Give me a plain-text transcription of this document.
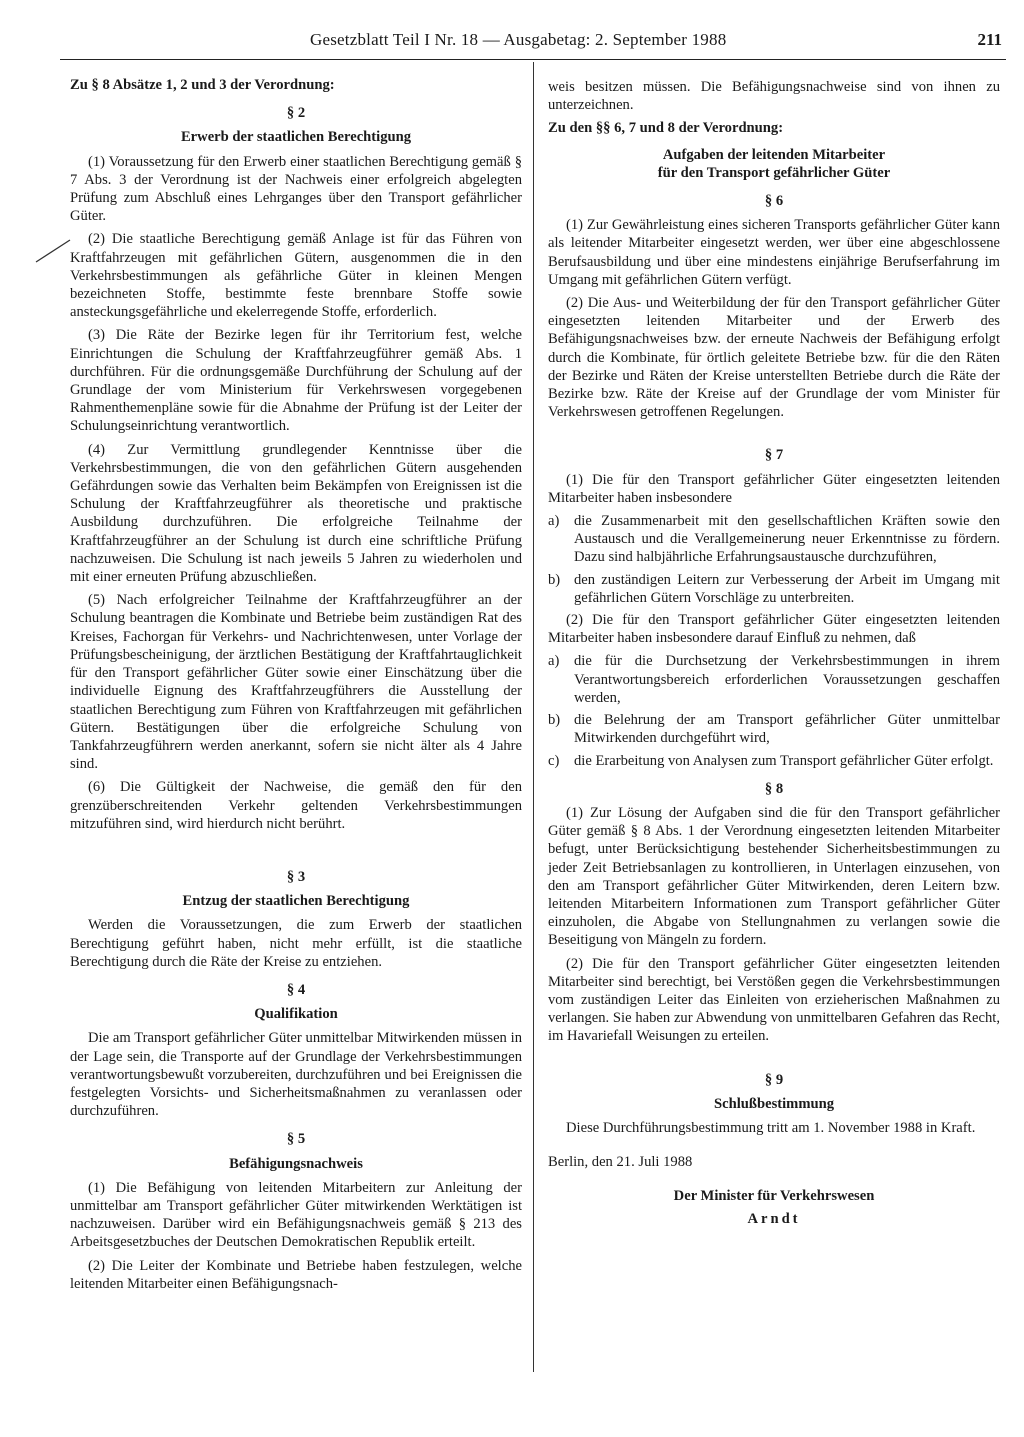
Gesetzblatt Teil I Nr. 18 — Ausgabetag: 2. September 1988	211

Zu § 8 Absätze 1, 2 und 3 der Verordnung:

§ 2

Erwerb der staatlichen Berechtigung

(1) Voraussetzung für den Erwerb einer staatlichen Berechtigung gemäß § 7 Abs. 3 der Verordnung ist der Nachweis einer erfolgreich abgelegten Prüfung zum Abschluß eines Lehrganges über den Transport gefährlicher Güter.

(2) Die staatliche Berechtigung gemäß Anlage ist für das Führen von Kraftfahrzeugen mit gefährlichen Gütern, ausgenommen die in den Verkehrsbestimmungen als gefährliche Güter in kleinen Mengen bezeichneten Stoffe, bestimmte feste brennbare Stoffe sowie ansteckungsgefährliche und ekelerregende Stoffe, erforderlich.

(3) Die Räte der Bezirke legen für ihr Territorium fest, welche Einrichtungen die Schulung der Kraftfahrzeugführer gemäß Abs. 1 durchführen. Für die ordnungsgemäße Durchführung der Schulung auf der Grundlage der vom Ministerium für Verkehrswesen vorgegebenen Rahmenthemenpläne sowie für die Abnahme der Prüfung ist der Leiter der Schulungseinrichtung verantwortlich.

(4) Zur Vermittlung grundlegender Kenntnisse über die Verkehrsbestimmungen, die von den gefährlichen Gütern ausgehenden Gefährdungen sowie das Verhalten beim Bekämpfen von Ereignissen ist die Schulung der Kraftfahrzeugführer als theoretische und praktische Ausbildung durchzuführen. Die erfolgreiche Teilnahme der Kraftfahrzeugführer an der Schulung ist durch eine schriftliche Prüfung nachzuweisen. Die Schulung ist nach jeweils 5 Jahren zu wiederholen und mit einer erneuten Prüfung abzuschließen.

(5) Nach erfolgreicher Teilnahme der Kraftfahrzeugführer an der Schulung beantragen die Kombinate und Betriebe beim zuständigen Rat des Kreises, Fachorgan für Verkehrs- und Nachrichtenwesen, unter Vorlage der Prüfungsbescheinigung, der ärztlichen Bestätigung der Kraftfahrtauglichkeit für den Transport gefährlicher Güter sowie einer Einschätzung über die individuelle Eignung des Kraftfahrzeugführers die Ausstellung der staatlichen Berechtigung zum Führen von Kraftfahrzeugen mit gefährlichen Gütern. Bestätigungen über die erfolgreiche Schulung von Tankfahrzeugführern werden anerkannt, sofern sie nicht älter als 4 Jahre sind.

(6) Die Gültigkeit der Nachweise, die gemäß den für den grenzüberschreitenden Verkehr geltenden Verkehrsbestimmungen mitzuführen sind, wird hierdurch nicht berührt.

§ 3

Entzug der staatlichen Berechtigung

Werden die Voraussetzungen, die zum Erwerb der staatlichen Berechtigung geführt haben, nicht mehr erfüllt, ist die staatliche Berechtigung durch die Räte der Kreise zu entziehen.

§ 4

Qualifikation

Die am Transport gefährlicher Güter unmittelbar Mitwirkenden müssen in der Lage sein, die Transporte auf der Grundlage der Verkehrsbestimmungen verantwortungsbewußt vorzubereiten, durchzuführen und bei Ereignissen die festgelegten Vorsichts- und Sicherheitsmaßnahmen zu veranlassen oder durchzuführen.

§ 5

Befähigungsnachweis

(1) Die Befähigung von leitenden Mitarbeitern zur Anleitung der unmittelbar am Transport gefährlicher Güter mitwirkenden Werktätigen ist nachzuweisen. Darüber wird ein Befähigungsnachweis gemäß § 213 des Arbeitsgesetzbuches der Deutschen Demokratischen Republik erteilt.

(2) Die Leiter der Kombinate und Betriebe haben festzulegen, welche leitenden Mitarbeiter einen Befähigungsnach-

weis besitzen müssen. Die Befähigungsnachweise sind von ihnen zu unterzeichnen.

Zu den §§ 6, 7 und 8 der Verordnung:

Aufgaben der leitenden Mitarbeiter

für den Transport gefährlicher Güter

§ 6

(1) Zur Gewährleistung eines sicheren Transports gefährlicher Güter kann als leitender Mitarbeiter eingesetzt werden, wer über eine abgeschlossene Berufsausbildung und über eine mindestens einjährige Berufserfahrung im Umgang mit gefährlichen Gütern verfügt.

(2) Die Aus- und Weiterbildung der für den Transport gefährlicher Güter eingesetzten leitenden Mitarbeiter und der Erwerb des Befähigungsnachweises bzw. der erneute Nachweis der Befähigung erfolgt durch die Kombinate, für örtlich geleitete Betriebe bzw. für die den Räten der Bezirke und Räten der Kreise unterstellten Betriebe durch die Räte der Bezirke bzw. Räte der Kreise auf der Grundlage der vom Minister für Verkehrswesen getroffenen Regelungen.

§ 7

(1) Die für den Transport gefährlicher Güter eingesetzten leitenden Mitarbeiter haben insbesondere

a)	die Zusammenarbeit mit den gesellschaftlichen Kräften sowie den Austausch und die Verallgemeinerung neuer Erkenntnisse zu fördern. Dazu sind halbjährliche Erfahrungsaustausche durchzuführen,
b) den zuständigen Leitern zur Verbesserung der Arbeit im Umgang mit gefährlichen Gütern Vorschläge zu unterbreiten.

(2) Die für den Transport gefährlicher Güter eingesetzten leitenden Mitarbeiter haben insbesondere darauf Einfluß zu nehmen, daß

a)	die für die Durchsetzung der Verkehrsbestimmungen in ihrem Verantwortungsbereich erforderlichen Voraussetzungen geschaffen werden,
b) die Belehrung der am Transport gefährlicher Güter unmittelbar Mitwirkenden durchgeführt wird,
c)	die Erarbeitung von Analysen zum Transport gefährlicher Güter erfolgt.

§ 8

(1) Zur Lösung der Aufgaben sind die für den Transport gefährlicher Güter gemäß § 8 Abs. 1 der Verordnung eingesetzten leitenden Mitarbeiter befugt, unter Berücksichtigung bestehender Sicherheitsbestimmungen zu jeder Zeit Betriebsanlagen zu kontrollieren, in Unterlagen einzusehen, von den am Transport gefährlicher Güter Mitwirkenden, deren Leitern bzw. leitenden Mitarbeitern Informationen zum Transport gefährlicher Güter einzuholen, die Abgabe von Stellungnahmen zu verlangen sowie die Beseitigung von Mängeln zu fordern.

(2) Die für den Transport gefährlicher Güter eingesetzten leitenden Mitarbeiter sind berechtigt, bei Verstößen gegen die Verkehrsbestimmungen vom zuständigen Leiter das Einleiten von erzieherischen Maßnahmen zu verlangen. Sie haben zur Abwendung von unmittelbaren Gefahren das Recht, im Havariefall Weisungen zu erteilen.

§ 9

Schlußbestimmung

Diese Durchführungsbestimmung tritt am 1. November 1988 in Kraft.

Berlin, den 21. Juli 1988

Der Minister für Verkehrswesen

Arndt
